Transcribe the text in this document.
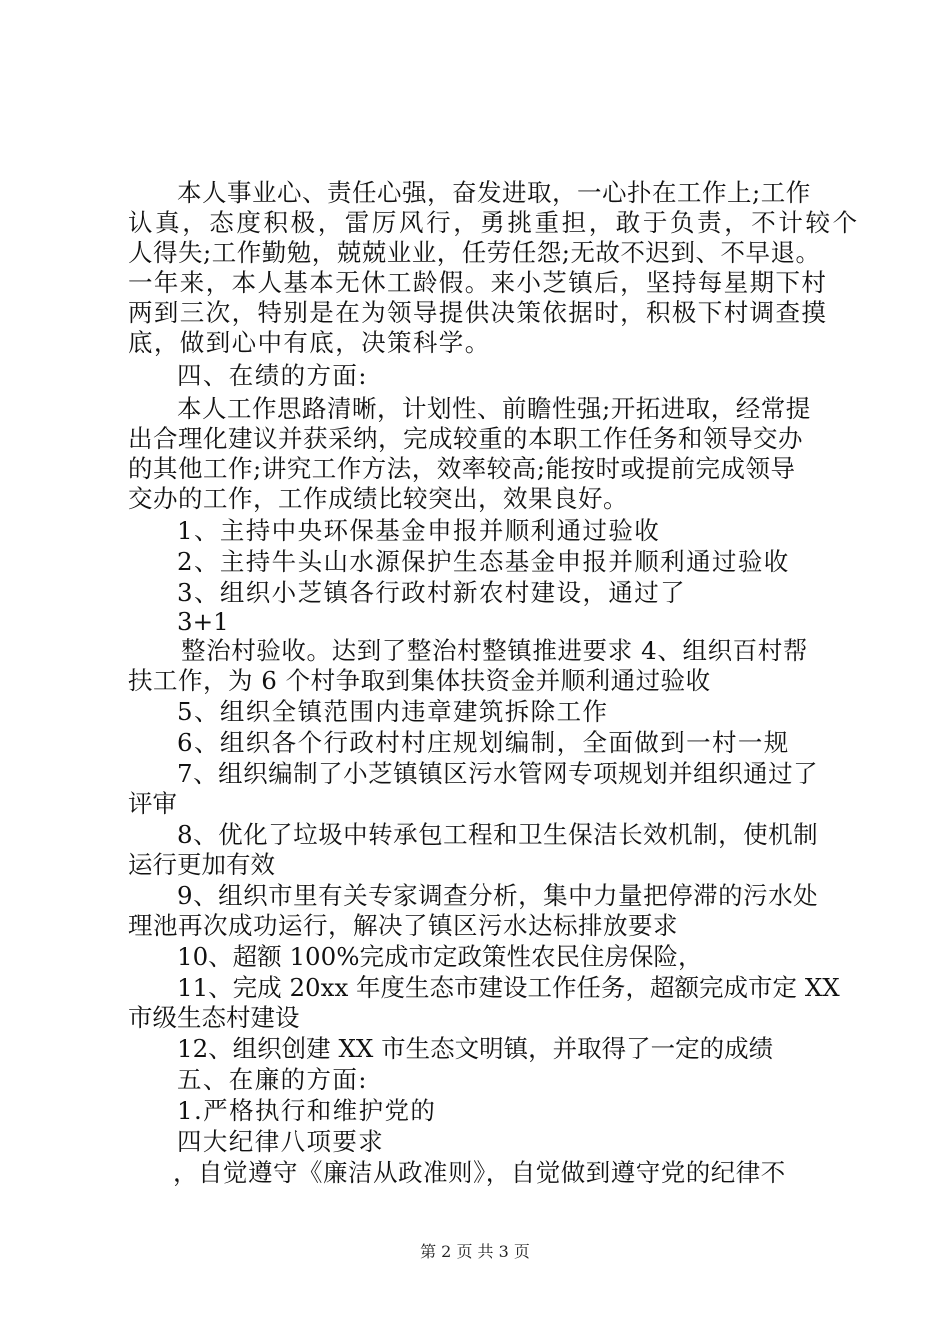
本人事业心、责任心强，奋发进取，一心扑在工作上;工作
认真，态度积极，雷厉风行，勇挑重担，敢于负责，不计较个
人得失;工作勤勉，兢兢业业，任劳任怨;无故不迟到、不早退。
一年来，本人基本无休工龄假。来小芝镇后，坚持每星期下村
两到三次，特别是在为领导提供决策依据时，积极下村调查摸
底，做到心中有底，决策科学。
四、在绩的方面:
本人工作思路清晰，计划性、前瞻性强;开拓进取，经常提
出合理化建议并获采纳，完成较重的本职工作任务和领导交办
的其他工作;讲究工作方法，效率较高;能按时或提前完成领导
交办的工作，工作成绩比较突出，效果良好。
1、主持中央环保基金申报并顺利通过验收
2、主持牛头山水源保护生态基金申报并顺利通过验收
3、组织小芝镇各行政村新农村建设，通过了
3+1
整治村验收。达到了整治村整镇推进要求 4、组织百村帮
扶工作，为 6 个村争取到集体扶资金并顺利通过验收
5、组织全镇范围内违章建筑拆除工作
6、组织各个行政村村庄规划编制，全面做到一村一规
7、组织编制了小芝镇镇区污水管网专项规划并组织通过了
评审
8、优化了垃圾中转承包工程和卫生保洁长效机制，使机制
运行更加有效
9、组织市里有关专家调查分析，集中力量把停滞的污水处
理池再次成功运行，解决了镇区污水达标排放要求
10、超额 100%完成市定政策性农民住房保险，
11、完成 20xx 年度生态市建设工作任务，超额完成市定 XX
市级生态村建设
12、组织创建 XX 市生态文明镇，并取得了一定的成绩
五、在廉的方面:
1.严格执行和维护党的
四大纪律八项要求
，自觉遵守《廉洁从政准则》，自觉做到遵守党的纪律不
第 2 页 共 3 页
